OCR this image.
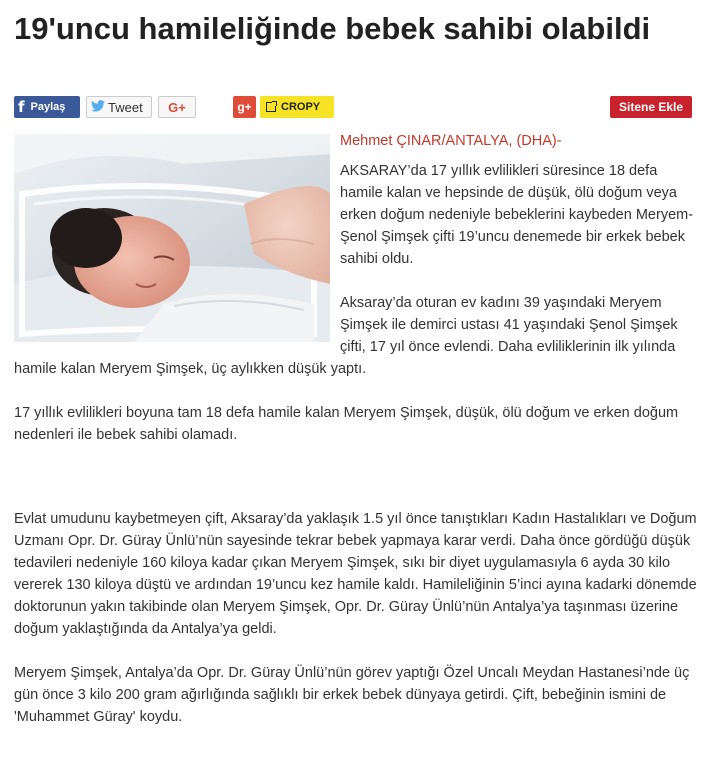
19'uncu hamileliğinde bebek sahibi olabildi
f Paylaş	Tweet G+	g+	CROPY	Sitene Ekle
Mehmet ÇINAR/ANTALYA, (DHA)-

AKSARAY’da 17 yıllık evlilikleri süresince 18 defa hamile kalan ve hepsinde de düşük, ölü doğum veya erken doğum nedeniyle bebeklerini kaybeden Meryem- Şenol Şimşek çifti 19’uncu denemede bir erkek bebek sahibi oldu.

Aksaray’da oturan ev kadını 39 yaşındaki Meryem Şimşek ile demirci ustası 41 yaşındaki Şenol Şimşek çifti, 17 yıl önce evlendi. Daha evliliklerinin ilk yılında hamile kalan Meryem Şimşek, üç aylıkken düşük yaptı.

17 yıllık evlilikleri boyuna tam 18 defa hamile kalan Meryem Şimşek, düşük, ölü doğum ve erken doğum nedenleri ile bebek sahibi olamadı.

Evlat umudunu kaybetmeyen çift, Aksaray’da yaklaşık 1.5 yıl önce tanıştıkları Kadın Hastalıkları ve Doğum Uzmanı Opr. Dr. Güray Ünlü’nün sayesinde tekrar bebek yapmaya karar verdi. Daha önce gördüğü düşük tedavileri nedeniyle 160 kiloya kadar çıkan Meryem Şimşek, sıkı bir diyet uygulamasıyla 6 ayda 30 kilo vererek 130 kiloya düştü ve ardından 19’uncu kez hamile kaldı. Hamileliğinin 5’inci ayına kadarki dönemde doktorunun yakın takibinde olan Meryem Şimşek, Opr. Dr. Güray Ünlü’nün Antalya’ya taşınması üzerine doğum yaklaştığında da Antalya’ya geldi.

Meryem Şimşek, Antalya’da Opr. Dr. Güray Ünlü’nün görev yaptığı Özel Uncalı Meydan Hastanesi’nde üç gün önce 3 kilo 200 gram ağırlığında sağlıklı bir erkek bebek dünyaya getirdi. Çift, bebeğinin ismini de 'Muhammet Güray' koydu.
